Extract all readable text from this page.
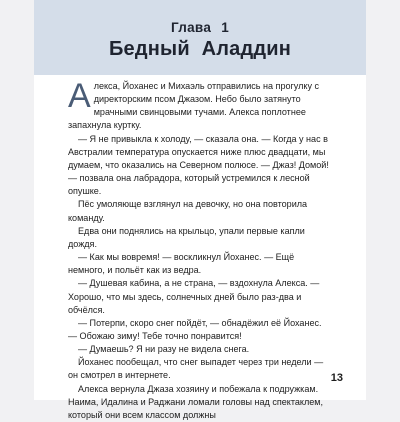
Глава 1
Бедный Аладдин

Алекса, Йоханес и Михаэль отправились на прогулку с директорским псом Джазом. Небо было затянуто мрачными свинцовыми тучами. Алекса поплотнее запахнула куртку.

— Я не привыкла к холоду, — сказала она. — Когда у нас в Австралии температура опускается ниже плюс двадцати, мы думаем, что оказались на Северном полюсе. — Джаз! Домой! — позвала она лабрадора, который устремился к лесной опушке.

Пёс умоляюще взглянул на девочку, но она повторила команду.

Едва они поднялись на крыльцо, упали первые капли дождя.

— Как мы вовремя! — воскликнул Йоханес. — Ещё немного, и польёт как из ведра.

— Душевая кабина, а не страна, — вздохнула Алекса. — Хорошо, что мы здесь, солнечных дней было раз-два и обчёлся.

— Потерпи, скоро снег пойдёт, — обнадёжил её Йоханес. — Обожаю зиму! Тебе точно понравится!

— Думаешь? Я ни разу не видела снега.

Йоханес пообещал, что снег выпадет через три недели — он смотрел в интернете.

Алекса вернула Джаза хозяину и побежала к подружкам. Наима, Идалина и Раджани ломали головы над спектаклем, который они всем классом должны

13
